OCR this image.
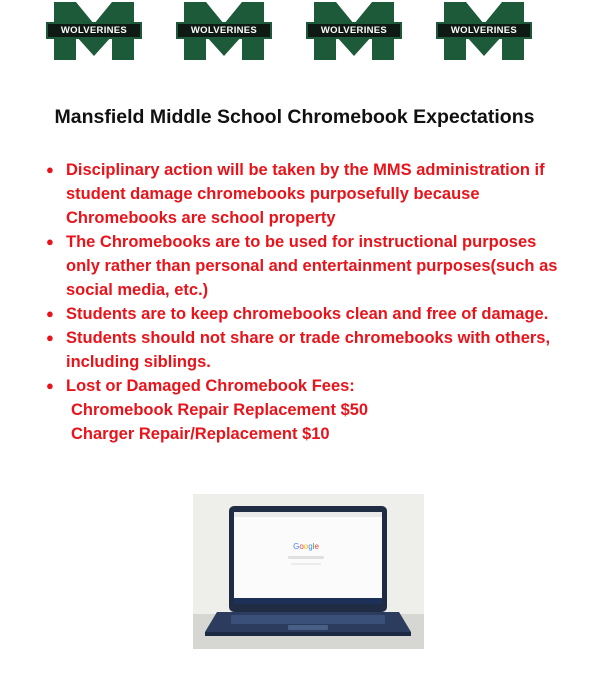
WOLVERINES	WOLVERINES	WOLVERINES	WOLVERINES
Mansfield Middle School Chromebook Expectations
● Disciplinary action will be taken by the MMS administration if student damage chromebooks purposefully because Chromebooks are school property
● The Chromebooks are to be used for instructional purposes only rather than personal and entertainment purposes(such as social media, etc.)
● Students are to keep chromebooks clean and free of damage.
● Students should not share or trade chromebooks with others, including siblings.
● Lost or Damaged Chromebook Fees:
Chromebook Repair Replacement $50
Charger Repair/Replacement $10
Google
